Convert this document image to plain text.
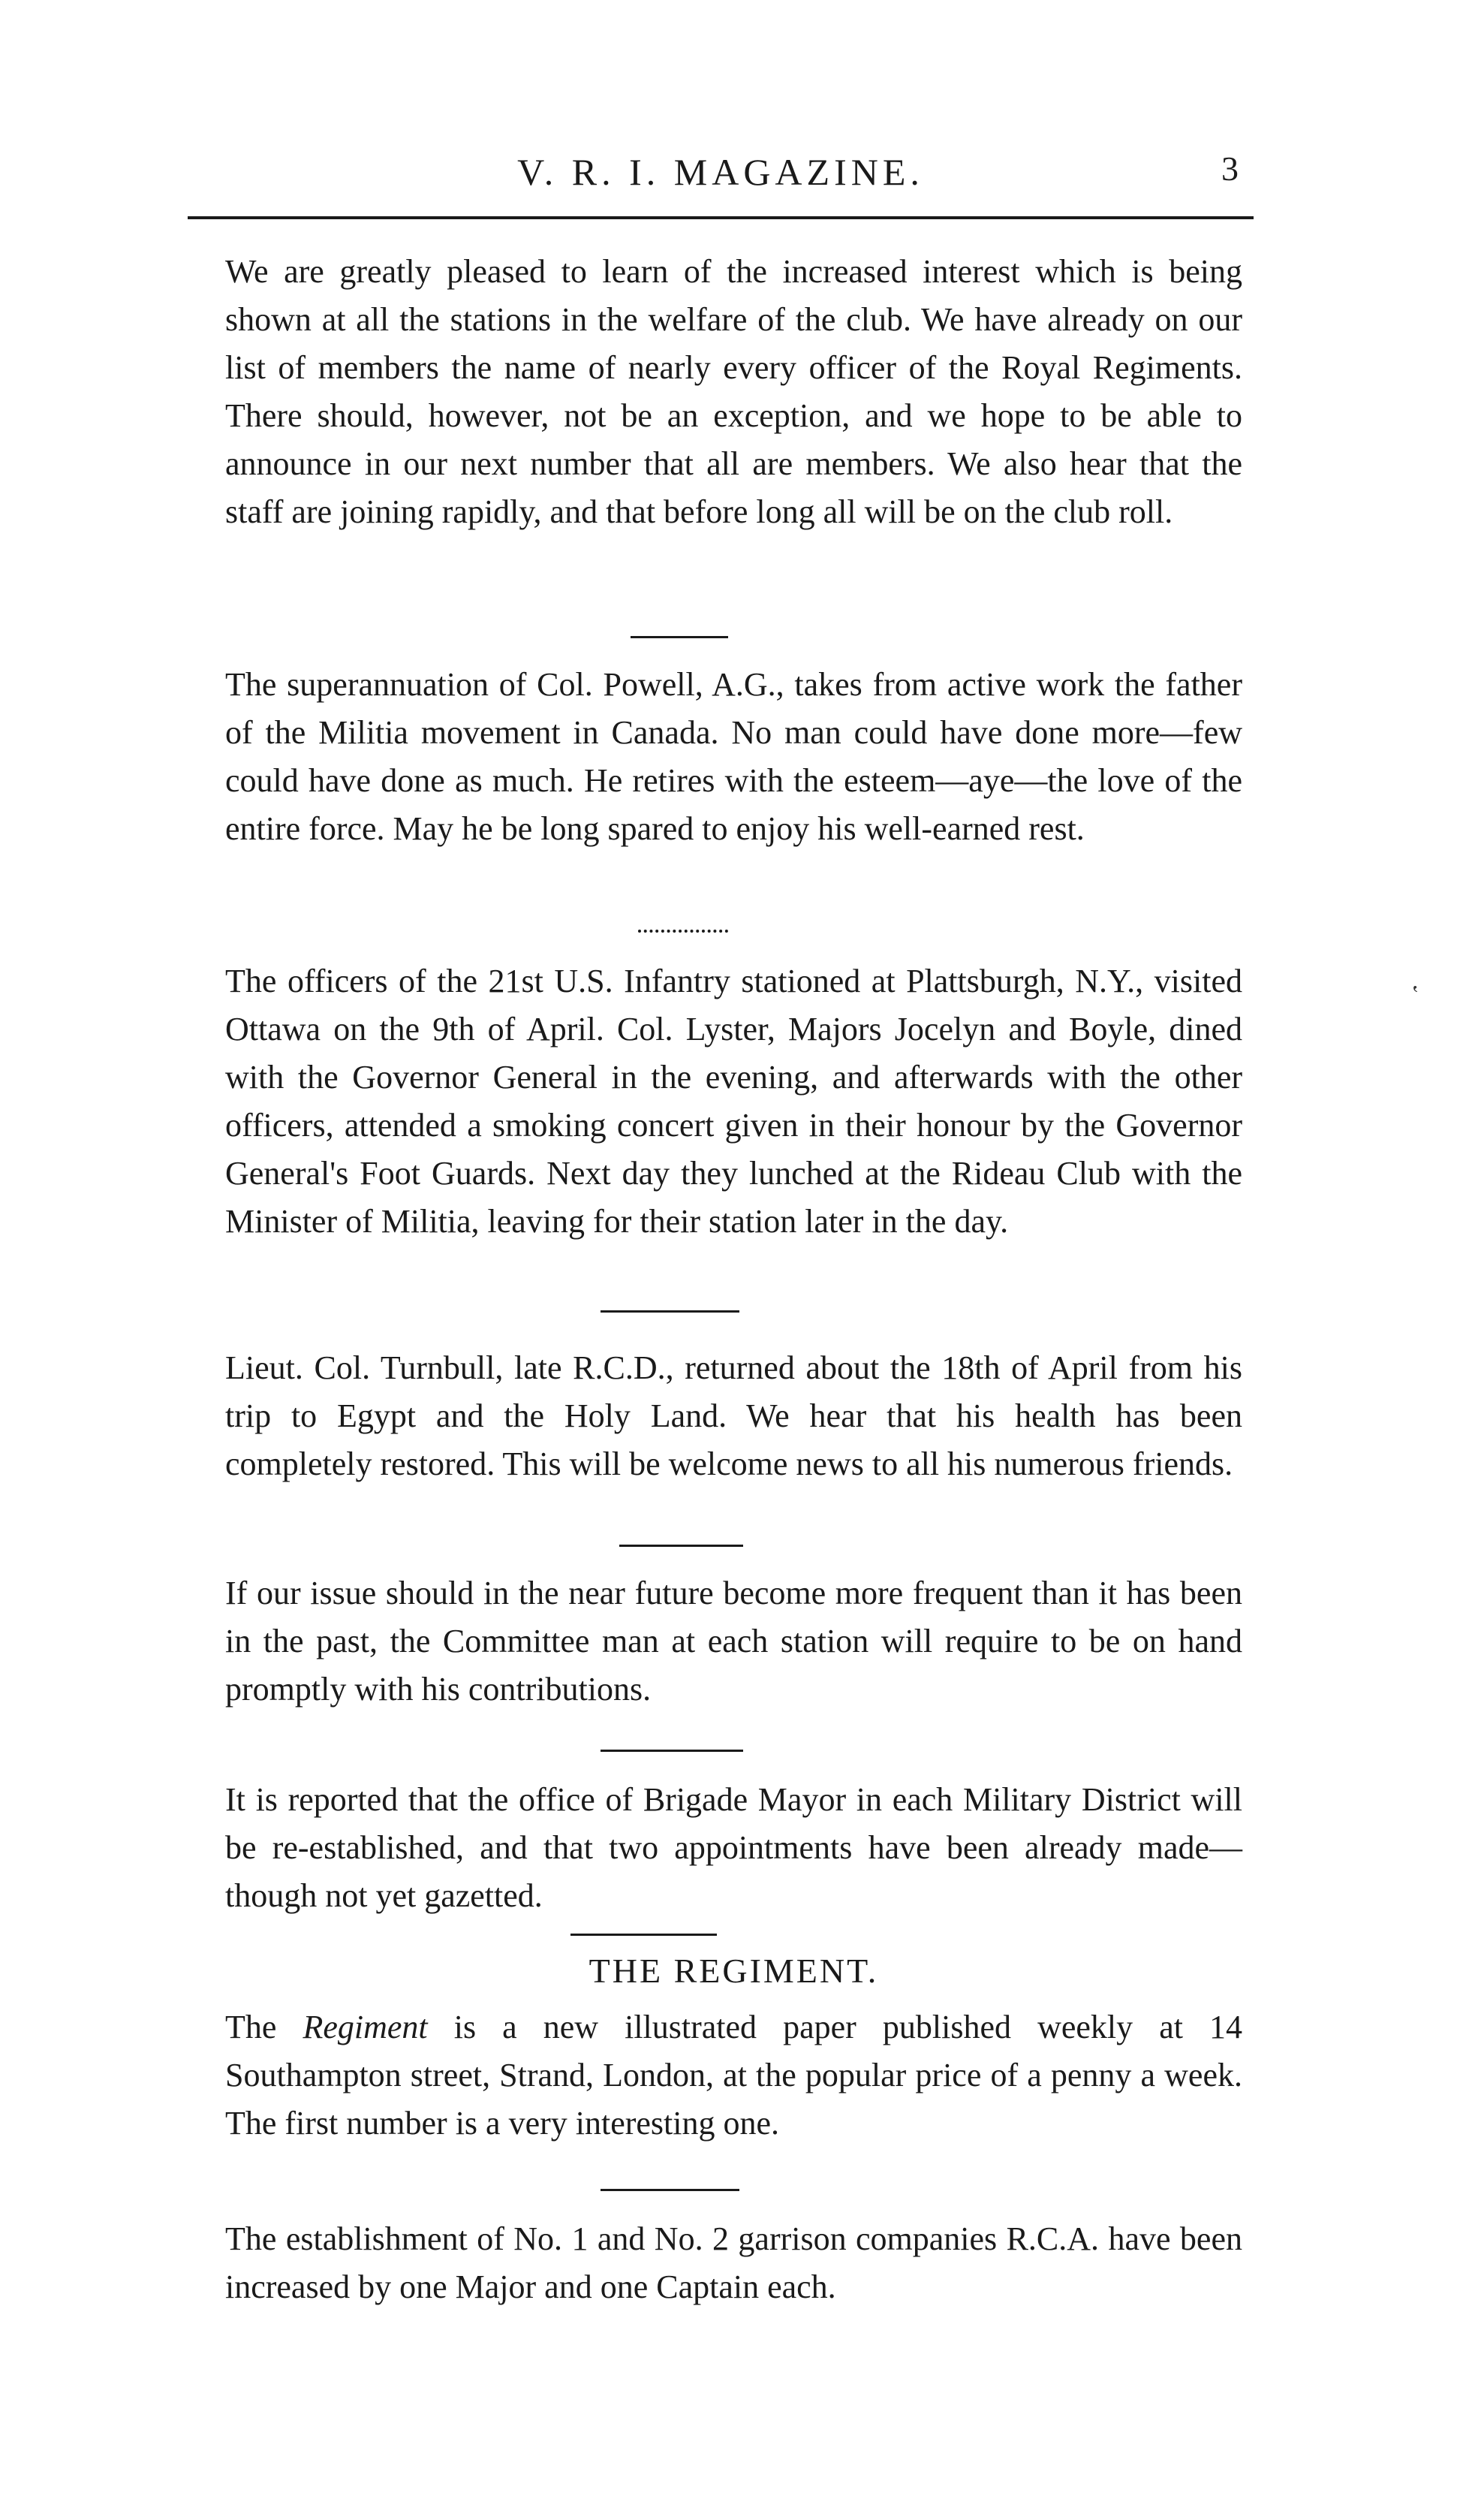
V. R. I. MAGAZINE.	3

We are greatly pleased to learn of the increased interest which is being shown at all the stations in the welfare of the club. We have already on our list of members the name of nearly every officer of the Royal Regiments. There should, however, not be an exception, and we hope to be able to announce in our next number that all are members. We also hear that the staff are joining rapidly, and that before long all will be on the club roll.

The superannuation of Col. Powell, A.G., takes from active work the father of the Militia movement in Canada. No man could have done more—few could have done as much. He retires with the esteem—aye—the love of the entire force. May he be long spared to enjoy his well-earned rest.

The officers of the 21st U.S. Infantry stationed at Plattsburgh, N.Y., visited Ottawa on the 9th of April. Col. Lyster, Majors Jocelyn and Boyle, dined with the Governor General in the evening, and afterwards with the other officers, attended a smoking concert given in their honour by the Governor General's Foot Guards. Next day they lunched at the Rideau Club with the Minister of Militia, leaving for their station later in the day.

‛

Lieut. Col. Turnbull, late R.C.D., returned about the 18th of April from his trip to Egypt and the Holy Land. We hear that his health has been completely restored. This will be welcome news to all his numerous friends.

If our issue should in the near future become more frequent than it has been in the past, the Committee man at each station will require to be on hand promptly with his contributions.

It is reported that the office of Brigade Mayor in each Military District will be re-established, and that two appointments have been already made—though not yet gazetted.

THE REGIMENT.

The Regiment is a new illustrated paper published weekly at 14 Southampton street, Strand, London, at the popular price of a penny a week. The first number is a very interesting one.

The establishment of No. 1 and No. 2 garrison companies R.C.A. have been increased by one Major and one Captain each.
